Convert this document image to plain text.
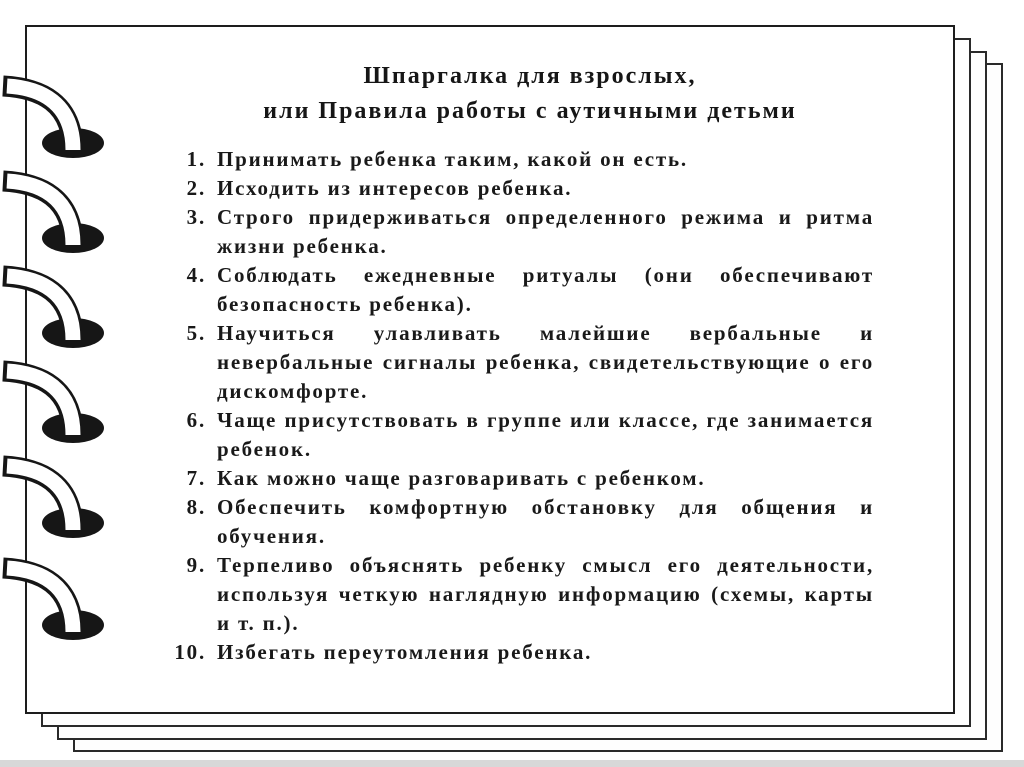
Шпаргалка для взрослых,
или Правила работы с аутичными детьми
1. Принимать ребенка таким, какой он есть.
2. Исходить из интересов ребенка.
3. Строго придерживаться определенного режима и ритма жизни ребенка.
4. Соблюдать ежедневные ритуалы (они обеспечивают безопасность ребенка).
5. Научиться улавливать малейшие вербальные и невербальные сигналы ребенка, свидетельствующие о его дискомфорте.
6. Чаще присутствовать в группе или классе, где занимается ребенок.
7. Как можно чаще разговаривать с ребенком.
8. Обеспечить комфортную обстановку для общения и обучения.
9. Терпеливо объяснять ребенку смысл его деятельности, используя четкую наглядную информацию (схемы, карты и т. п.).
10. Избегать переутомления ребенка.
